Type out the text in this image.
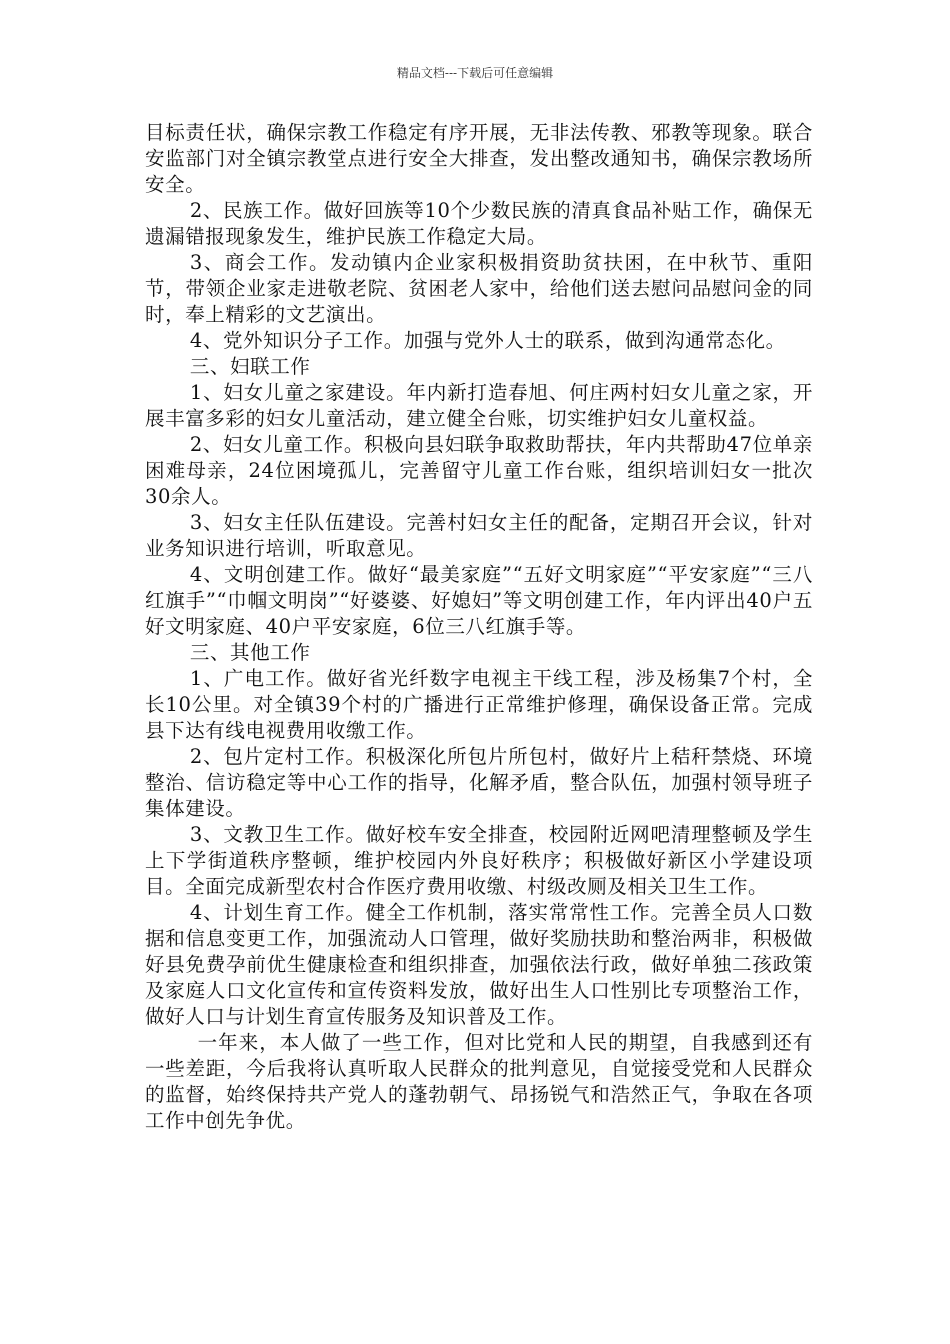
精品文档---下载后可任意编辑

目标责任状，确保宗教工作稳定有序开展，无非法传教、邪教等现象。联合安监部门对全镇宗教堂点进行安全大排查，发出整改通知书，确保宗教场所安全。

2、民族工作。做好回族等10个少数民族的清真食品补贴工作，确保无遗漏错报现象发生，维护民族工作稳定大局。

3、商会工作。发动镇内企业家积极捐资助贫扶困，在中秋节、重阳节，带领企业家走进敬老院、贫困老人家中，给他们送去慰问品慰问金的同时，奉上精彩的文艺演出。

4、党外知识分子工作。加强与党外人士的联系，做到沟通常态化。

三、妇联工作

1、妇女儿童之家建设。年内新打造春旭、何庄两村妇女儿童之家，开展丰富多彩的妇女儿童活动，建立健全台账，切实维护妇女儿童权益。

2、妇女儿童工作。积极向县妇联争取救助帮扶，年内共帮助47位单亲困难母亲，24位困境孤儿，完善留守儿童工作台账，组织培训妇女一批次30余人。

3、妇女主任队伍建设。完善村妇女主任的配备，定期召开会议，针对业务知识进行培训，听取意见。

4、文明创建工作。做好“最美家庭”“五好文明家庭”“平安家庭”“三八红旗手”“巾帼文明岗”“好婆婆、好媳妇”等文明创建工作，年内评出40户五好文明家庭、40户平安家庭，6位三八红旗手等。

三、其他工作

1、广电工作。做好省光纤数字电视主干线工程，涉及杨集7个村，全长10公里。对全镇39个村的广播进行正常维护修理，确保设备正常。完成县下达有线电视费用收缴工作。

2、包片定村工作。积极深化所包片所包村，做好片上秸秆禁烧、环境整治、信访稳定等中心工作的指导，化解矛盾，整合队伍，加强村领导班子集体建设。

3、文教卫生工作。做好校车安全排查，校园附近网吧清理整顿及学生上下学街道秩序整顿，维护校园内外良好秩序；积极做好新区小学建设项目。全面完成新型农村合作医疗费用收缴、村级改厕及相关卫生工作。

4、计划生育工作。健全工作机制，落实常常性工作。完善全员人口数据和信息变更工作，加强流动人口管理，做好奖励扶助和整治两非，积极做好县免费孕前优生健康检查和组织排查，加强依法行政，做好单独二孩政策及家庭人口文化宣传和宣传资料发放，做好出生人口性别比专项整治工作，做好人口与计划生育宣传服务及知识普及工作。

一年来，本人做了一些工作，但对比党和人民的期望，自我感到还有一些差距，今后我将认真听取人民群众的批判意见，自觉接受党和人民群众的监督，始终保持共产党人的蓬勃朝气、昂扬锐气和浩然正气，争取在各项工作中创先争优。
